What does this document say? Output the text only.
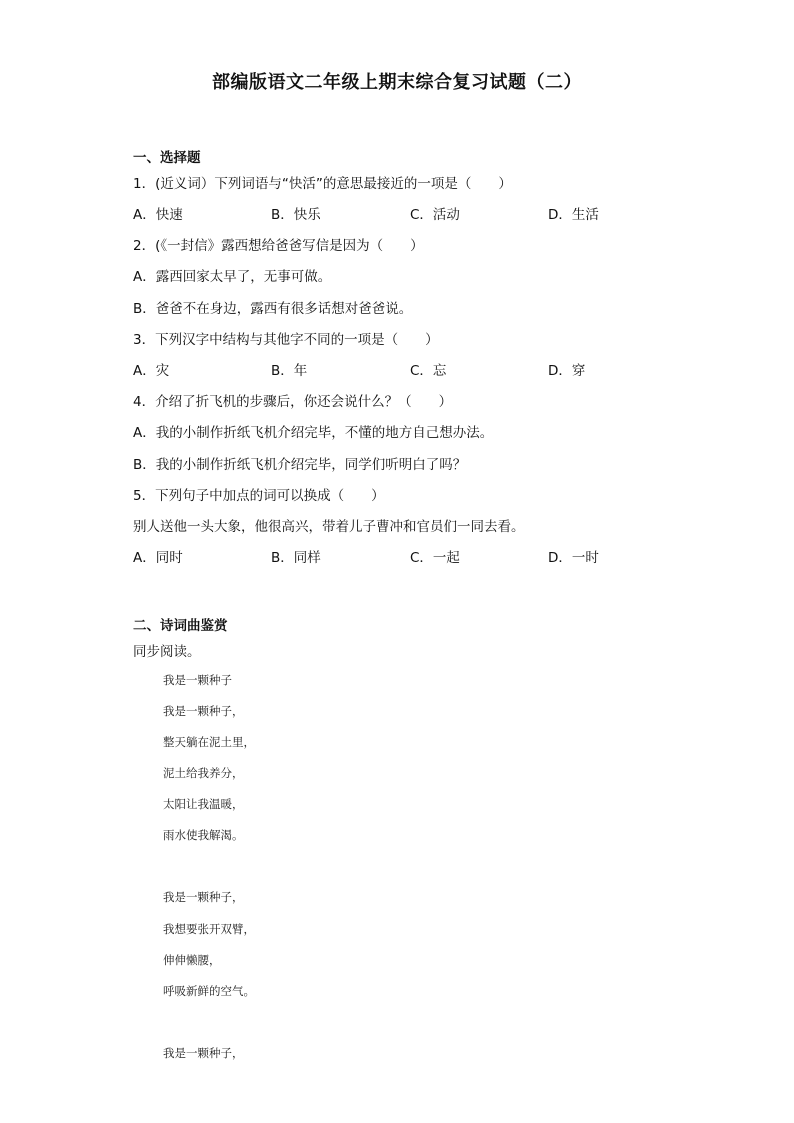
部编版语文二年级上期末综合复习试题（二）
一、选择题
1．(近义词）下列词语与“快活”的意思最接近的一项是（　　）
A．快速	B．快乐	C．活动	D．生活
2．(《一封信》露西想给爸爸写信是因为（　　）
A．露西回家太早了，无事可做。
B．爸爸不在身边，露西有很多话想对爸爸说。
3．下列汉字中结构与其他字不同的一项是（　　）
A．灾	B．年	C．忘	D．穿
4．介绍了折飞机的步骤后，你还会说什么？（　　）
A．我的小制作折纸飞机介绍完毕，不懂的地方自己想办法。
B．我的小制作折纸飞机介绍完毕，同学们听明白了吗？
5．下列句子中加点的词可以换成（　　）
别人送他一头大象，他很高兴，带着儿子曹冲和官员们一同去看。
A．同时	B．同样	C．一起	D．一时
二、诗词曲鉴赏
同步阅读。
我是一颗种子
我是一颗种子，
整天躺在泥土里，
泥土给我养分，
太阳让我温暖，
雨水使我解渴。
我是一颗种子，
我想要张开双臂，
伸伸懒腰，
呼吸新鲜的空气。
我是一颗种子，
